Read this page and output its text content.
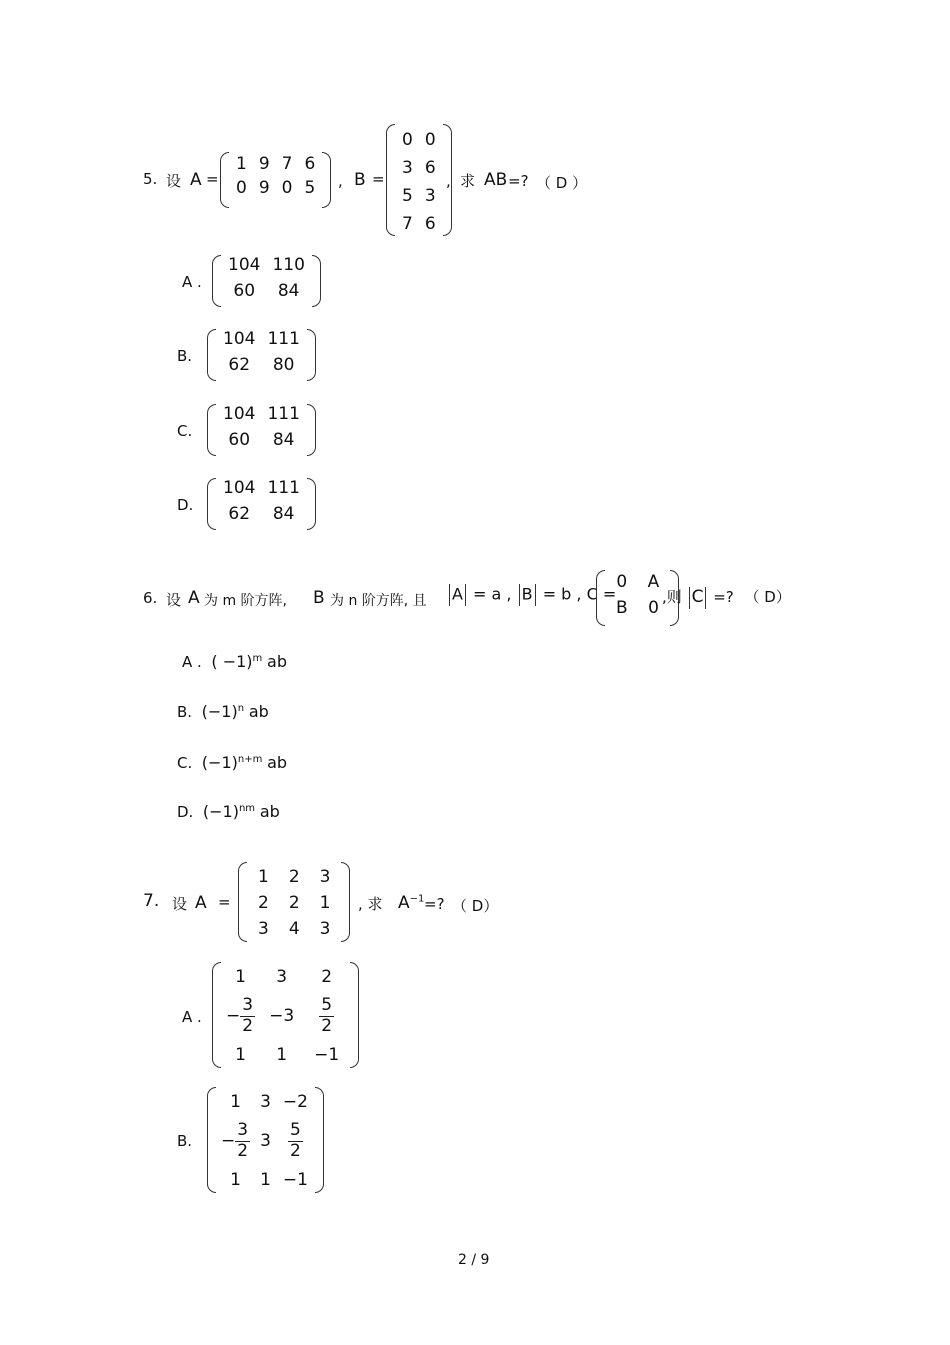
5. 设 A =
1	9	7	6
0	9	0	5 , B =
0	0
3	6
5	3
7	6
, 求 AB =? （ D ）
A .
104	110
60	84
B.
104	111
62	80
C.
104	111
60	84
D.
104	111
62	84
6. 设 A 为 m 阶方阵, B 为 n 阶方阵, 且	A = a , B = b , C =
0	A
B	0
,则 C =? （ D）
A . ( −1)$^m$ ab
B. $(-1)^n$ ab
C. $(-1)^{n+m}$ ab
D. $(-1)^{nm}$ ab
7. 设 A =
1	2	3
2	2	1
3	4	3
, 求 $A^{-1}$ =? （ D）
A .
1	3	2
− $\frac{3}{2}$	−3	$\frac{5}{2}$

1	1	−1
B.
1	3	−2
− $\frac{3}{2}$	3	$\frac{5}{2}$

1	1	−1
2 / 9
